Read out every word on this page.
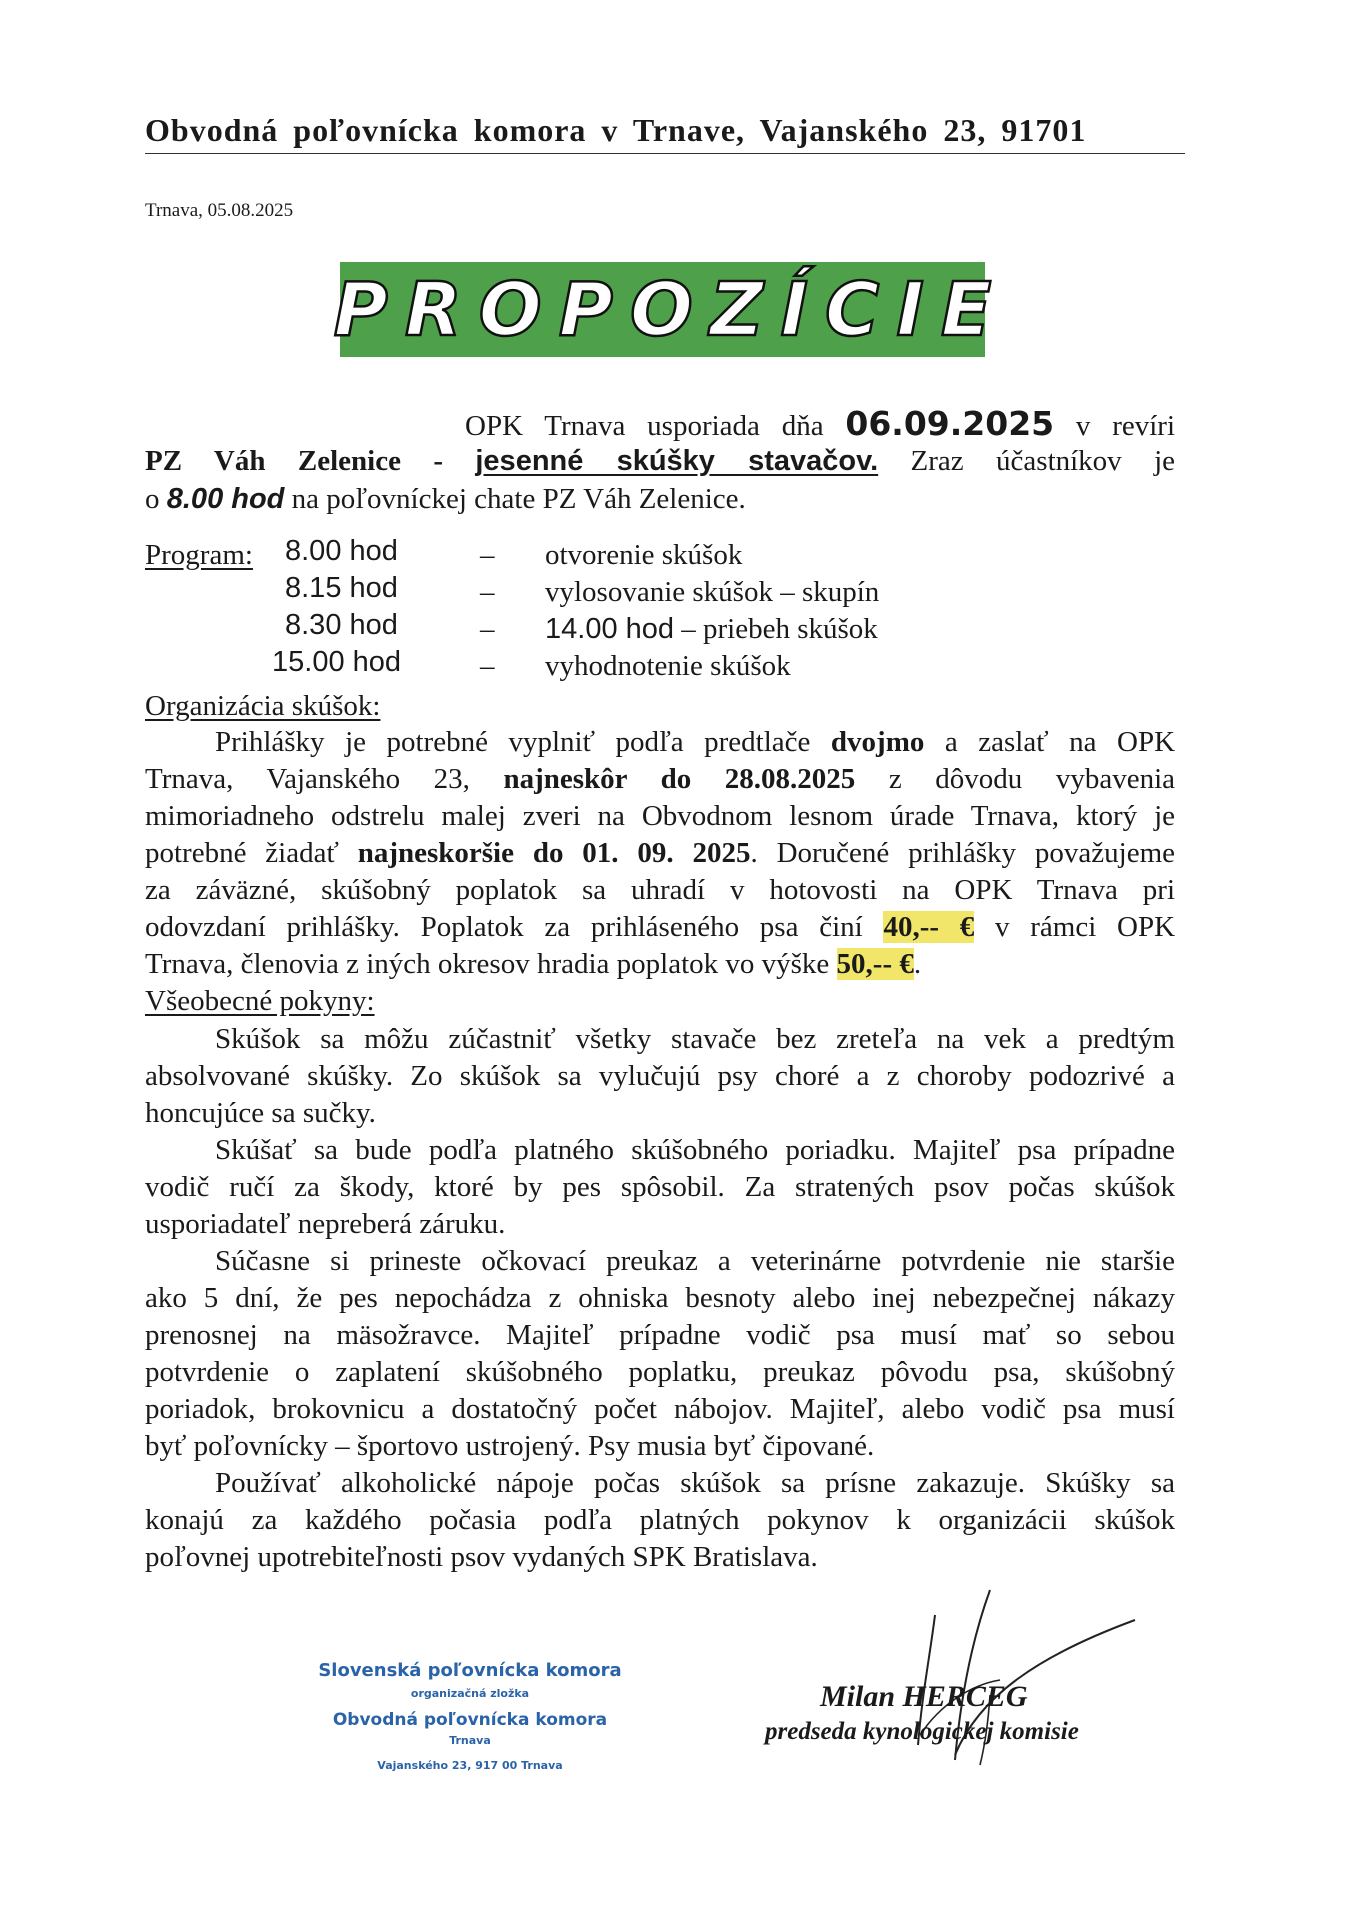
Obvodná poľovnícka komora v Trnave, Vajanského 23, 91701
Trnava, 05.08.2025
PROPOZÍCIE
OPK Trnava usporiada dňa 06.09.2025 v revíri
PZ Váh Zelenice - jesenné skúšky stavačov. Zraz účastníkov je
o 8.00 hod na poľovníckej chate PZ Váh Zelenice.
Program: 8.00 hod	– otvorenie skúšok
8.15 hod	– vylosovanie skúšok – skupín
8.30 hod	– 14.00 hod – priebeh skúšok
15.00 hod	– vyhodnotenie skúšok
Organizácia skúšok:
Prihlášky je potrebné vyplniť podľa predtlače dvojmo a zaslať na OPK
Trnava, Vajanského 23, najneskôr do 28.08.2025 z dôvodu vybavenia
mimoriadneho odstrelu malej zveri na Obvodnom lesnom úrade Trnava, ktorý je
potrebné žiadať najneskoršie do 01. 09. 2025. Doručené prihlášky považujeme
za záväzné, skúšobný poplatok sa uhradí v hotovosti na OPK Trnava pri
odovzdaní prihlášky. Poplatok za prihláseného psa činí 40,-- € v rámci OPK
Trnava, členovia z iných okresov hradia poplatok vo výške 50,-- €.
Všeobecné pokyny:
Skúšok sa môžu zúčastniť všetky stavače bez zreteľa na vek a predtým
absolvované skúšky. Zo skúšok sa vylučujú psy choré a z choroby podozrivé a
honcujúce sa sučky.
Skúšať sa bude podľa platného skúšobného poriadku. Majiteľ psa prípadne
vodič ručí za škody, ktoré by pes spôsobil. Za stratených psov počas skúšok
usporiadateľ nepreberá záruku.
Súčasne si prineste očkovací preukaz a veterinárne potvrdenie nie staršie
ako 5 dní, že pes nepochádza z ohniska besnoty alebo inej nebezpečnej nákazy
prenosnej na mäsožravce. Majiteľ prípadne vodič psa musí mať so sebou
potvrdenie o zaplatení skúšobného poplatku, preukaz pôvodu psa, skúšobný
poriadok, brokovnicu a dostatočný počet nábojov. Majiteľ, alebo vodič psa musí
byť poľovnícky – športovo ustrojený. Psy musia byť čipované.
Používať alkoholické nápoje počas skúšok sa prísne zakazuje. Skúšky sa
konajú za každého počasia podľa platných pokynov k organizácii skúšok
poľovnej upotrebiteľnosti psov vydaných SPK Bratislava.
Slovenská poľovnícka komora
organizačná zložka
Obvodná poľovnícka komora
Trnava
Vajanského 23, 917 00 Trnava
Milan HERCEG
predseda kynologickej komisie
